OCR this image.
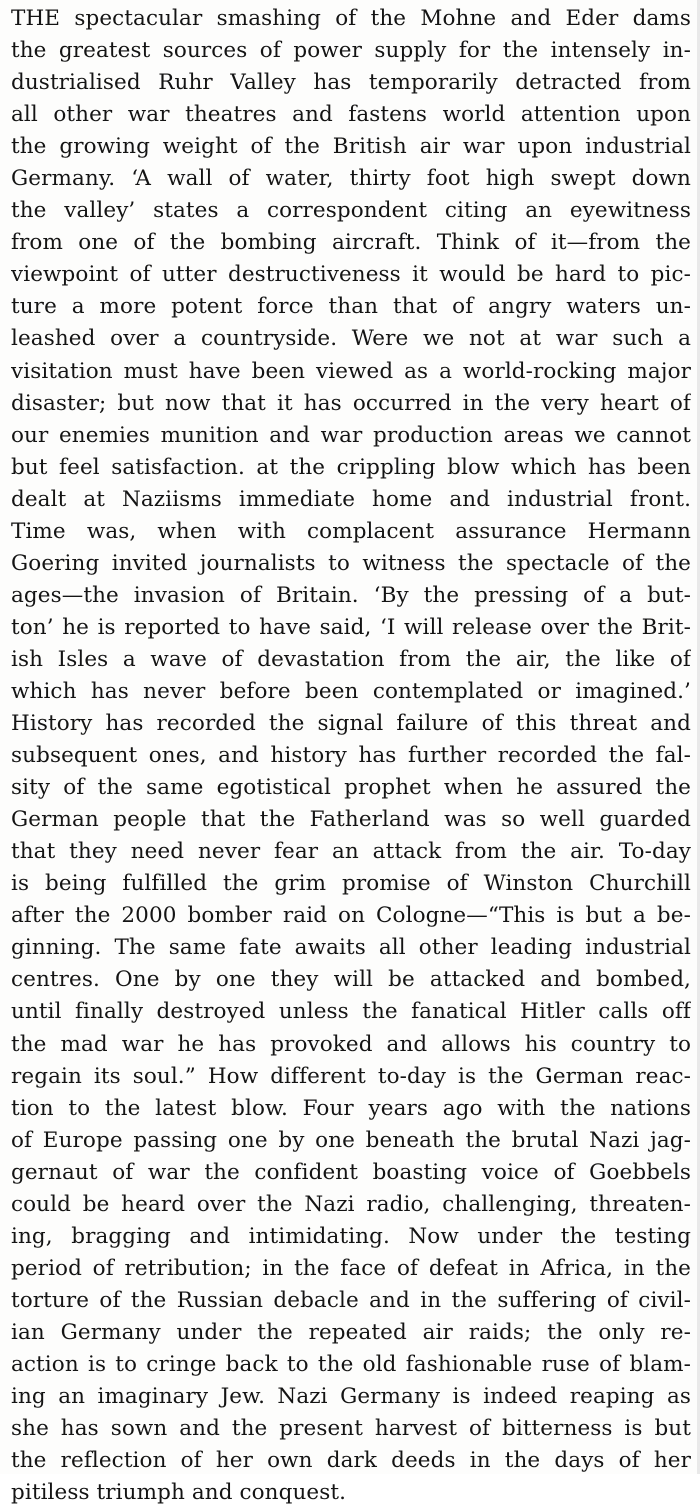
THE spectacular smashing of the Mohne and Eder dams
the greatest sources of power supply for the intensely in-
dustrialised Ruhr Valley has temporarily detracted from
all other war theatres and fastens world attention upon
the growing weight of the British air war upon industrial
Germany. ‘A wall of water, thirty foot high swept down
the valley’ states a correspondent citing an eyewitness
from one of the bombing aircraft. Think of it—from the
viewpoint of utter destructiveness it would be hard to pic-
ture a more potent force than that of angry waters un-
leashed over a countryside. Were we not at war such a
visitation must have been viewed as a world-rocking major
disaster; but now that it has occurred in the very heart of
our enemies munition and war production areas we cannot
but feel satisfaction. at the crippling blow which has been
dealt at Naziisms immediate home and industrial front.
Time was, when with complacent assurance Hermann
Goering invited journalists to witness the spectacle of the
ages—the invasion of Britain. ‘By the pressing of a but-
ton’ he is reported to have said, ‘I will release over the Brit-
ish Isles a wave of devastation from the air, the like of
which has never before been contemplated or imagined.’
History has recorded the signal failure of this threat and
subsequent ones, and history has further recorded the fal-
sity of the same egotistical prophet when he assured the
German people that the Fatherland was so well guarded
that they need never fear an attack from the air. To-day
is being fulfilled the grim promise of Winston Churchill
after the 2000 bomber raid on Cologne—“This is but a be-
ginning. The same fate awaits all other leading industrial
centres. One by one they will be attacked and bombed,
until finally destroyed unless the fanatical Hitler calls off
the mad war he has provoked and allows his country to
regain its soul.” How different to-day is the German reac-
tion to the latest blow. Four years ago with the nations
of Europe passing one by one beneath the brutal Nazi jag-
gernaut of war the confident boasting voice of Goebbels
could be heard over the Nazi radio, challenging, threaten-
ing, bragging and intimidating. Now under the testing
period of retribution; in the face of defeat in Africa, in the
torture of the Russian debacle and in the suffering of civil-
ian Germany under the repeated air raids; the only re-
action is to cringe back to the old fashionable ruse of blam-
ing an imaginary Jew. Nazi Germany is indeed reaping as
she has sown and the present harvest of bitterness is but
the reflection of her own dark deeds in the days of her
pitiless triumph and conquest.
